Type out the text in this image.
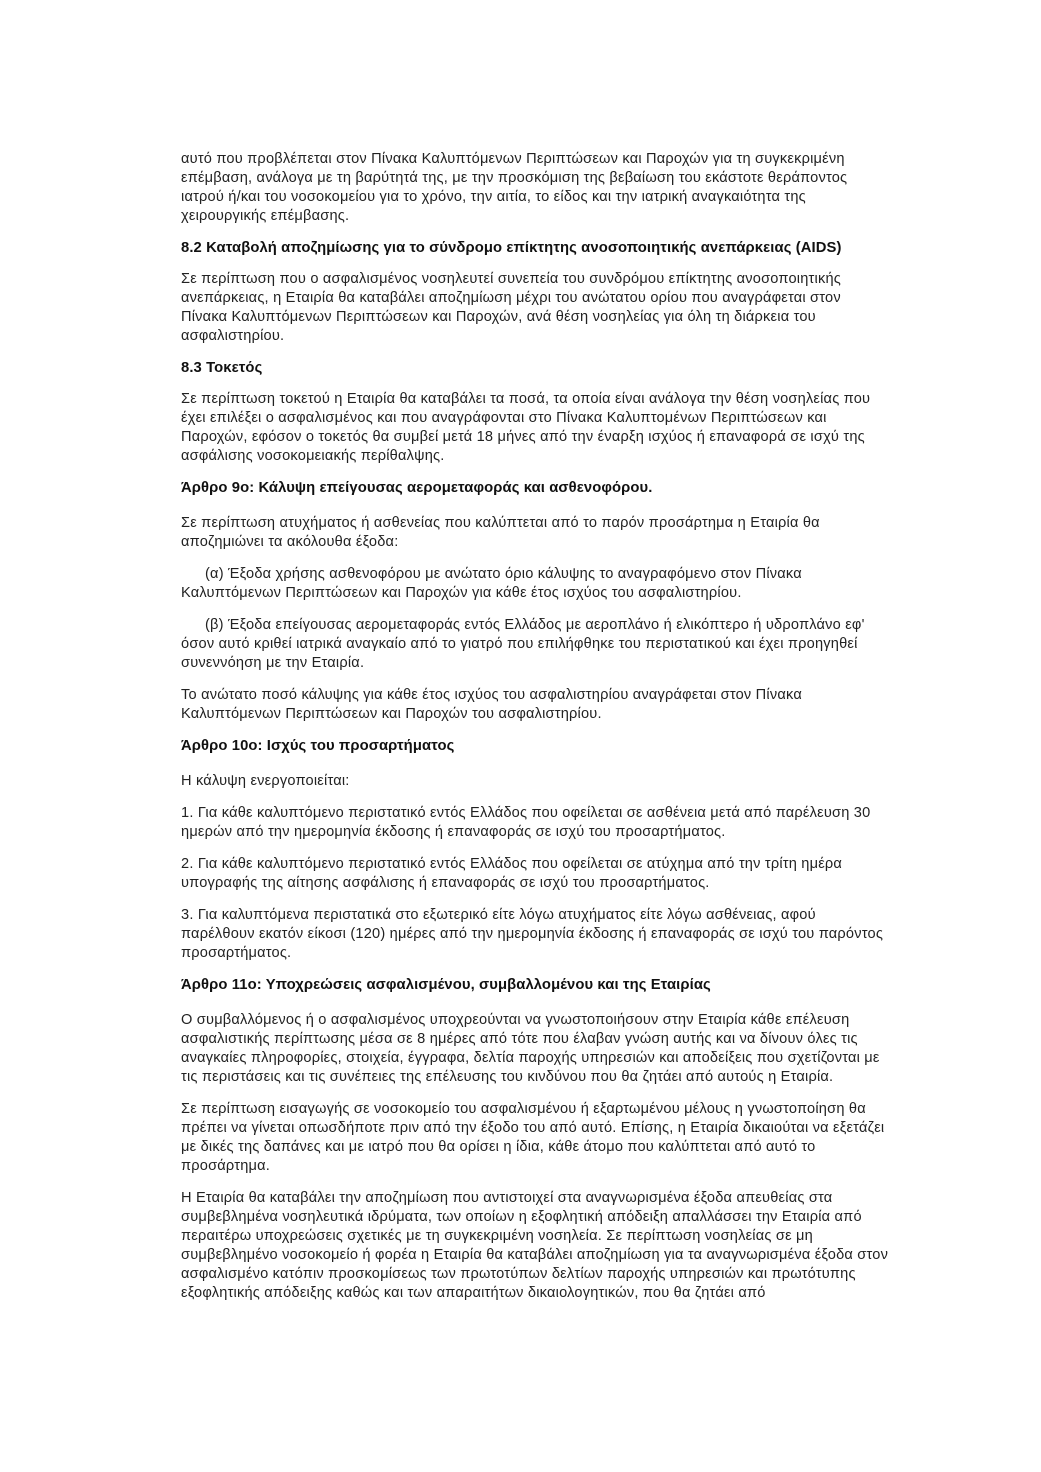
αυτό που προβλέπεται στον Πίνακα Καλυπτόμενων Περιπτώσεων και Παροχών για τη συγκεκριμένη επέμβαση, ανάλογα με τη βαρύτητά της, με την προσκόμιση της βεβαίωση του εκάστοτε θεράποντος ιατρού ή/και του νοσοκομείου για το χρόνο, την αιτία, το είδος και την ιατρική αναγκαιότητα της χειρουργικής επέμβασης.

8.2 Καταβολή αποζημίωσης για το σύνδρομο επίκτητης ανοσοποιητικής ανεπάρκειας (AIDS)

Σε περίπτωση που ο ασφαλισμένος νοσηλευτεί συνεπεία του συνδρόμου επίκτητης ανοσοποιητικής ανεπάρκειας, η Εταιρία θα καταβάλει αποζημίωση μέχρι του ανώτατου ορίου που αναγράφεται στον Πίνακα Καλυπτόμενων Περιπτώσεων και Παροχών, ανά θέση νοσηλείας για όλη τη διάρκεια του ασφαλιστηρίου.

8.3 Τοκετός

Σε περίπτωση τοκετού η Εταιρία θα καταβάλει τα ποσά, τα οποία είναι ανάλογα την θέση νοσηλείας που έχει επιλέξει ο ασφαλισμένος και που αναγράφονται στο Πίνακα Καλυπτομένων Περιπτώσεων και Παροχών, εφόσον ο τοκετός θα συμβεί μετά 18 μήνες από την έναρξη ισχύος ή επαναφορά σε ισχύ της ασφάλισης νοσοκομειακής περίθαλψης.

Άρθρο 9ο: Κάλυψη επείγουσας αερομεταφοράς και ασθενοφόρου.

Σε περίπτωση ατυχήματος ή ασθενείας που καλύπτεται από το παρόν προσάρτημα η Εταιρία θα αποζημιώνει τα ακόλουθα έξοδα:

(α) Έξοδα χρήσης ασθενοφόρου με ανώτατο όριο κάλυψης το αναγραφόμενο στον Πίνακα Καλυπτόμενων Περιπτώσεων και Παροχών για κάθε έτος ισχύος του ασφαλιστηρίου.

(β) Έξοδα επείγουσας αερομεταφοράς εντός Ελλάδος με αεροπλάνο ή ελικόπτερο ή υδροπλάνο εφ' όσον αυτό κριθεί ιατρικά αναγκαίο από το γιατρό που επιλήφθηκε του περιστατικού και έχει προηγηθεί συνεννόηση με την Εταιρία.

Το ανώτατο ποσό κάλυψης για κάθε έτος ισχύος του ασφαλιστηρίου αναγράφεται στον Πίνακα Καλυπτόμενων Περιπτώσεων και Παροχών του ασφαλιστηρίου.

Άρθρο 10ο: Ισχύς του προσαρτήματος

Η κάλυψη ενεργοποιείται:

1. Για κάθε καλυπτόμενο περιστατικό εντός Ελλάδος που οφείλεται σε ασθένεια μετά από παρέλευση 30 ημερών από την ημερομηνία έκδοσης ή επαναφοράς σε ισχύ του προσαρτήματος.

2. Για κάθε καλυπτόμενο περιστατικό εντός Ελλάδος που οφείλεται σε ατύχημα από την τρίτη ημέρα υπογραφής της αίτησης ασφάλισης ή επαναφοράς σε ισχύ του προσαρτήματος.

3. Για καλυπτόμενα περιστατικά στο εξωτερικό είτε λόγω ατυχήματος είτε λόγω ασθένειας, αφού παρέλθουν εκατόν είκοσι (120) ημέρες από την ημερομηνία έκδοσης ή επαναφοράς σε ισχύ του παρόντος προσαρτήματος.

Άρθρο 11ο: Υποχρεώσεις ασφαλισμένου, συμβαλλομένου και της Εταιρίας

Ο συμβαλλόμενος ή ο ασφαλισμένος υποχρεούνται να γνωστοποιήσουν στην Εταιρία κάθε επέλευση ασφαλιστικής περίπτωσης μέσα σε 8 ημέρες από τότε που έλαβαν γνώση αυτής και να δίνουν όλες τις αναγκαίες πληροφορίες, στοιχεία, έγγραφα, δελτία παροχής υπηρεσιών και αποδείξεις που σχετίζονται με τις περιστάσεις και τις συνέπειες της επέλευσης του κινδύνου που θα ζητάει από αυτούς η Εταιρία.

Σε περίπτωση εισαγωγής σε νοσοκομείο του ασφαλισμένου ή εξαρτωμένου μέλους η γνωστοποίηση θα πρέπει να γίνεται οπωσδήποτε πριν από την έξοδο του από αυτό. Επίσης, η Εταιρία δικαιούται να εξετάζει με δικές της δαπάνες και με ιατρό που θα ορίσει η ίδια, κάθε άτομο που καλύπτεται από αυτό το προσάρτημα.

Η Εταιρία θα καταβάλει την αποζημίωση που αντιστοιχεί στα αναγνωρισμένα έξοδα απευθείας στα συμβεβλημένα νοσηλευτικά ιδρύματα, των οποίων η εξοφλητική απόδειξη απαλλάσσει την Εταιρία από περαιτέρω υποχρεώσεις σχετικές με τη συγκεκριμένη νοσηλεία. Σε περίπτωση νοσηλείας σε μη συμβεβλημένο νοσοκομείο ή φορέα η Εταιρία θα καταβάλει αποζημίωση για τα αναγνωρισμένα έξοδα στον ασφαλισμένο κατόπιν προσκομίσεως των πρωτοτύπων δελτίων παροχής υπηρεσιών και πρωτότυπης εξοφλητικής απόδειξης καθώς και των απαραιτήτων δικαιολογητικών, που θα ζητάει από
